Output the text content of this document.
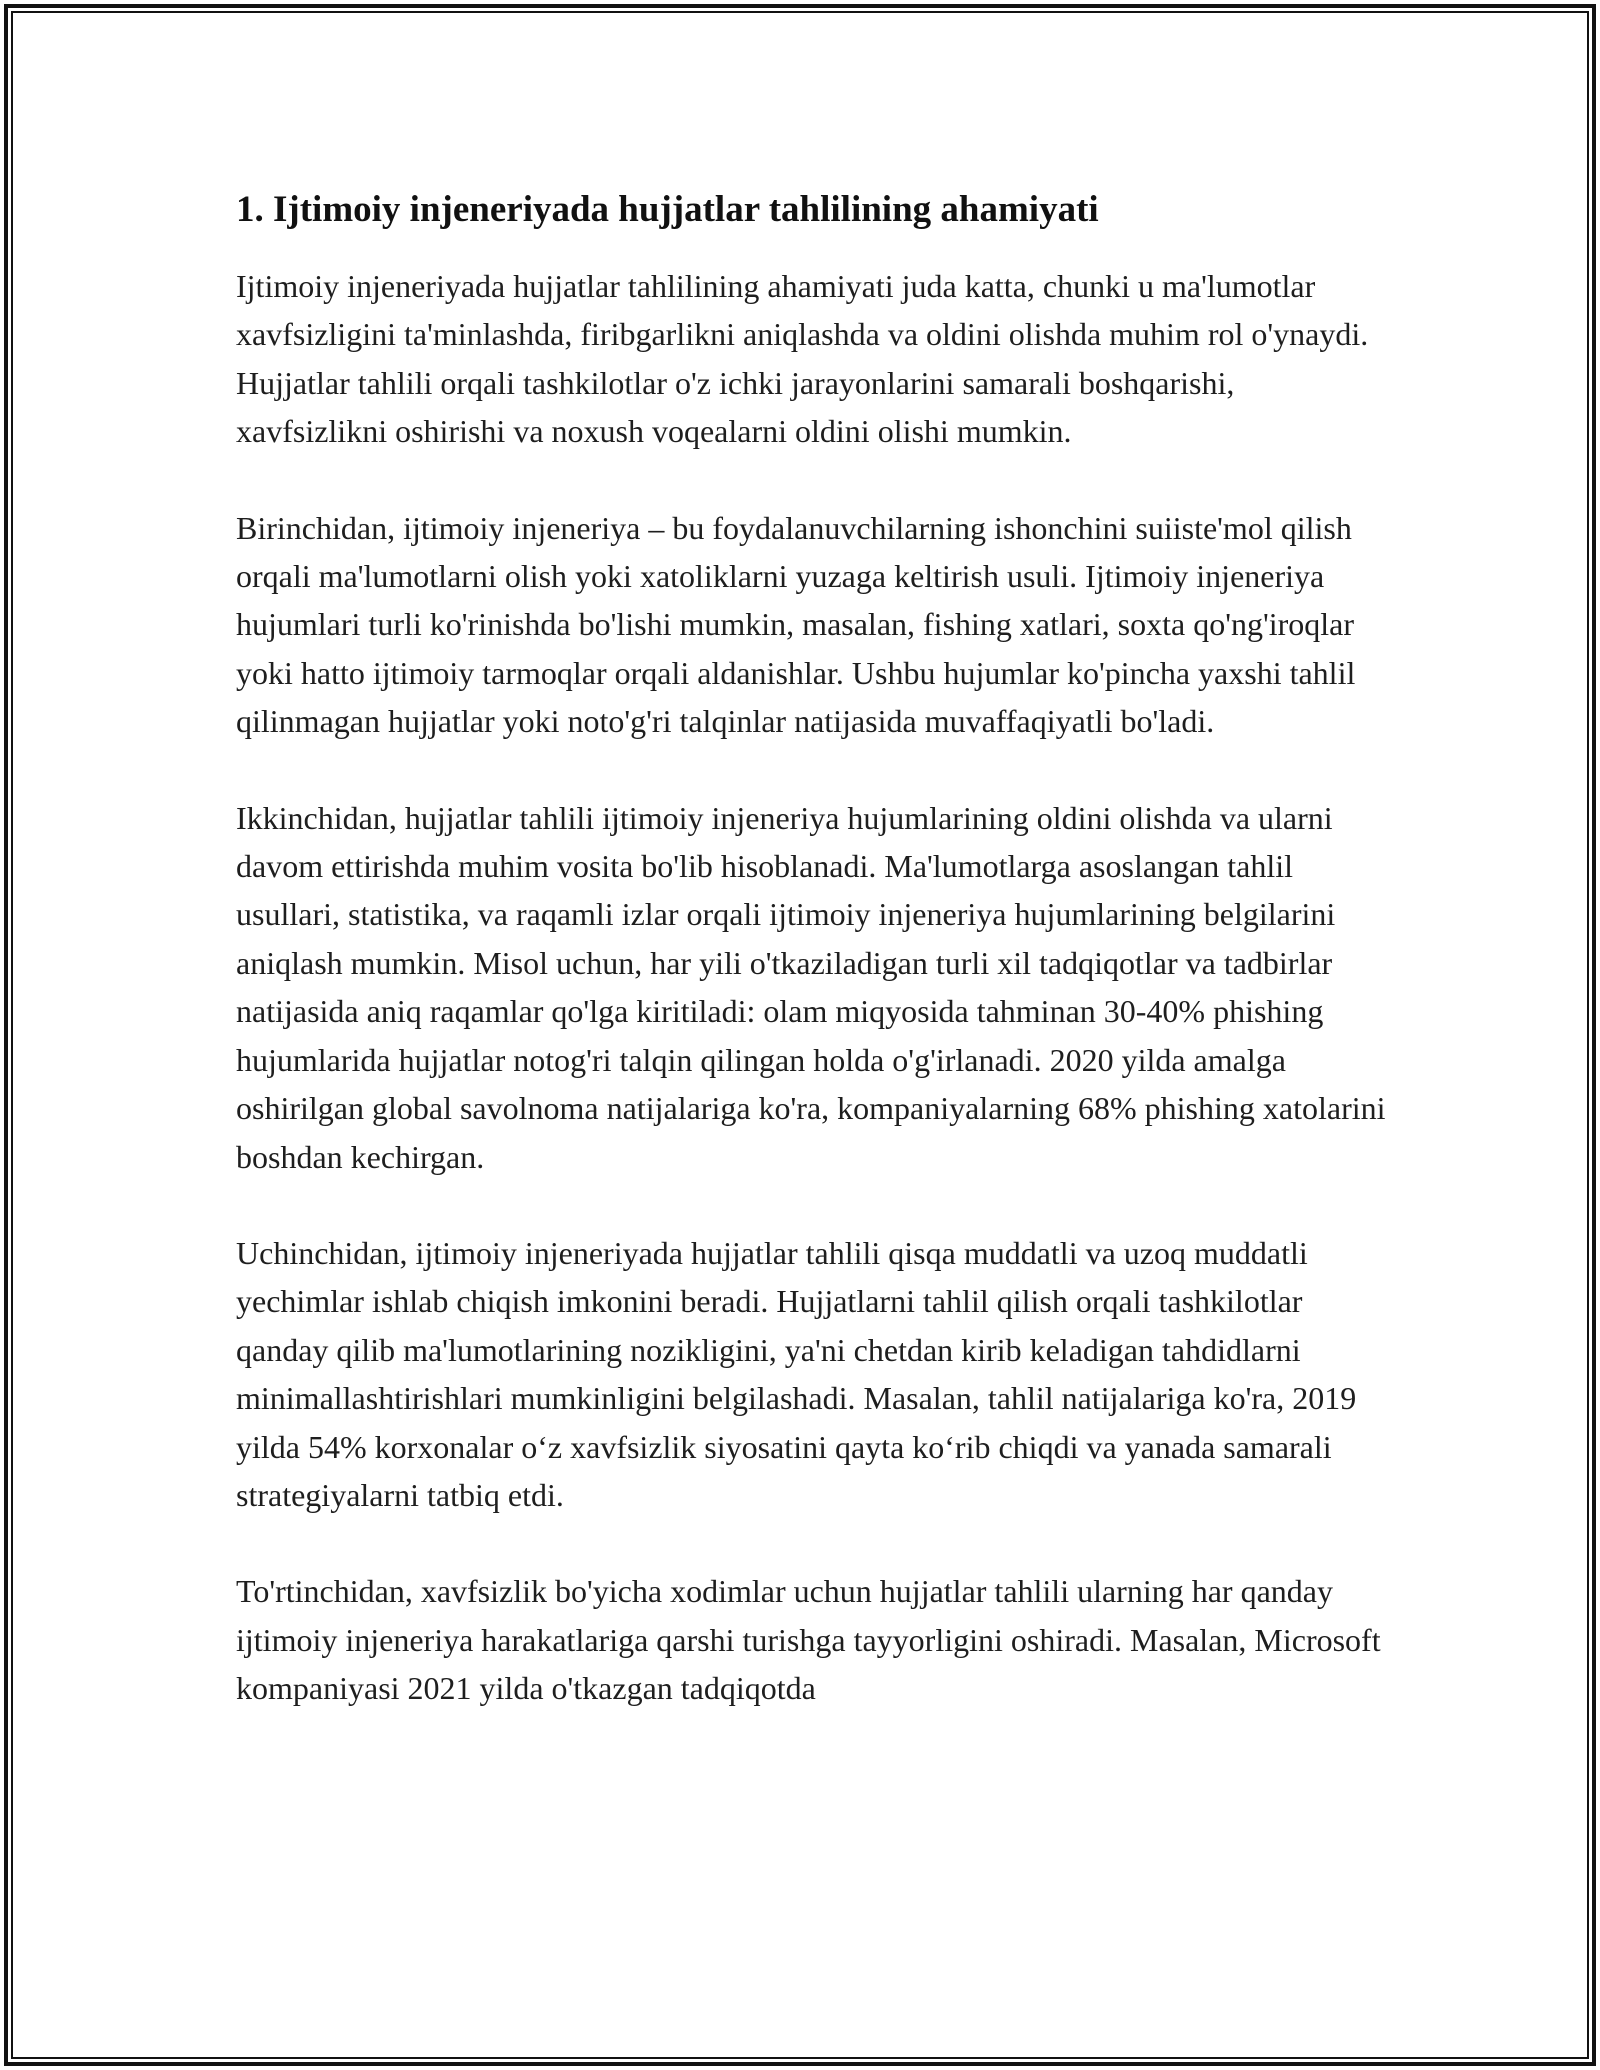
1. Ijtimoiy injeneriyada hujjatlar tahlilining ahamiyati

Ijtimoiy injeneriyada hujjatlar tahlilining ahamiyati juda katta, chunki u ma'lumotlar xavfsizligini ta'minlashda, firibgarlikni aniqlashda va oldini olishda muhim rol o'ynaydi. Hujjatlar tahlili orqali tashkilotlar o'z ichki jarayonlarini samarali boshqarishi, xavfsizlikni oshirishi va noxush voqealarni oldini olishi mumkin.

Birinchidan, ijtimoiy injeneriya – bu foydalanuvchilarning ishonchini suiiste'mol qilish orqali ma'lumotlarni olish yoki xatoliklarni yuzaga keltirish usuli. Ijtimoiy injeneriya hujumlari turli ko'rinishda bo'lishi mumkin, masalan, fishing xatlari, soxta qo'ng'iroqlar yoki hatto ijtimoiy tarmoqlar orqali aldanishlar. Ushbu hujumlar ko'pincha yaxshi tahlil qilinmagan hujjatlar yoki noto'g'ri talqinlar natijasida muvaffaqiyatli bo'ladi.

Ikkinchidan, hujjatlar tahlili ijtimoiy injeneriya hujumlarining oldini olishda va ularni davom ettirishda muhim vosita bo'lib hisoblanadi. Ma'lumotlarga asoslangan tahlil usullari, statistika, va raqamli izlar orqali ijtimoiy injeneriya hujumlarining belgilarini aniqlash mumkin. Misol uchun, har yili o'tkaziladigan turli xil tadqiqotlar va tadbirlar natijasida aniq raqamlar qo'lga kiritiladi: olam miqyosida tahminan 30-40% phishing hujumlarida hujjatlar notog'ri talqin qilingan holda o'g'irlanadi. 2020 yilda amalga oshirilgan global savolnoma natijalariga ko'ra, kompaniyalarning 68% phishing xatolarini boshdan kechirgan.

Uchinchidan, ijtimoiy injeneriyada hujjatlar tahlili qisqa muddatli va uzoq muddatli yechimlar ishlab chiqish imkonini beradi. Hujjatlarni tahlil qilish orqali tashkilotlar qanday qilib ma'lumotlarining nozikligini, ya'ni chetdan kirib keladigan tahdidlarni minimallashtirishlari mumkinligini belgilashadi. Masalan, tahlil natijalariga ko'ra, 2019 yilda 54% korxonalar o‘z xavfsizlik siyosatini qayta ko‘rib chiqdi va yanada samarali strategiyalarni tatbiq etdi.

To'rtinchidan, xavfsizlik bo'yicha xodimlar uchun hujjatlar tahlili ularning har qanday ijtimoiy injeneriya harakatlariga qarshi turishga tayyorligini oshiradi. Masalan, Microsoft kompaniyasi 2021 yilda o'tkazgan tadqiqotda
